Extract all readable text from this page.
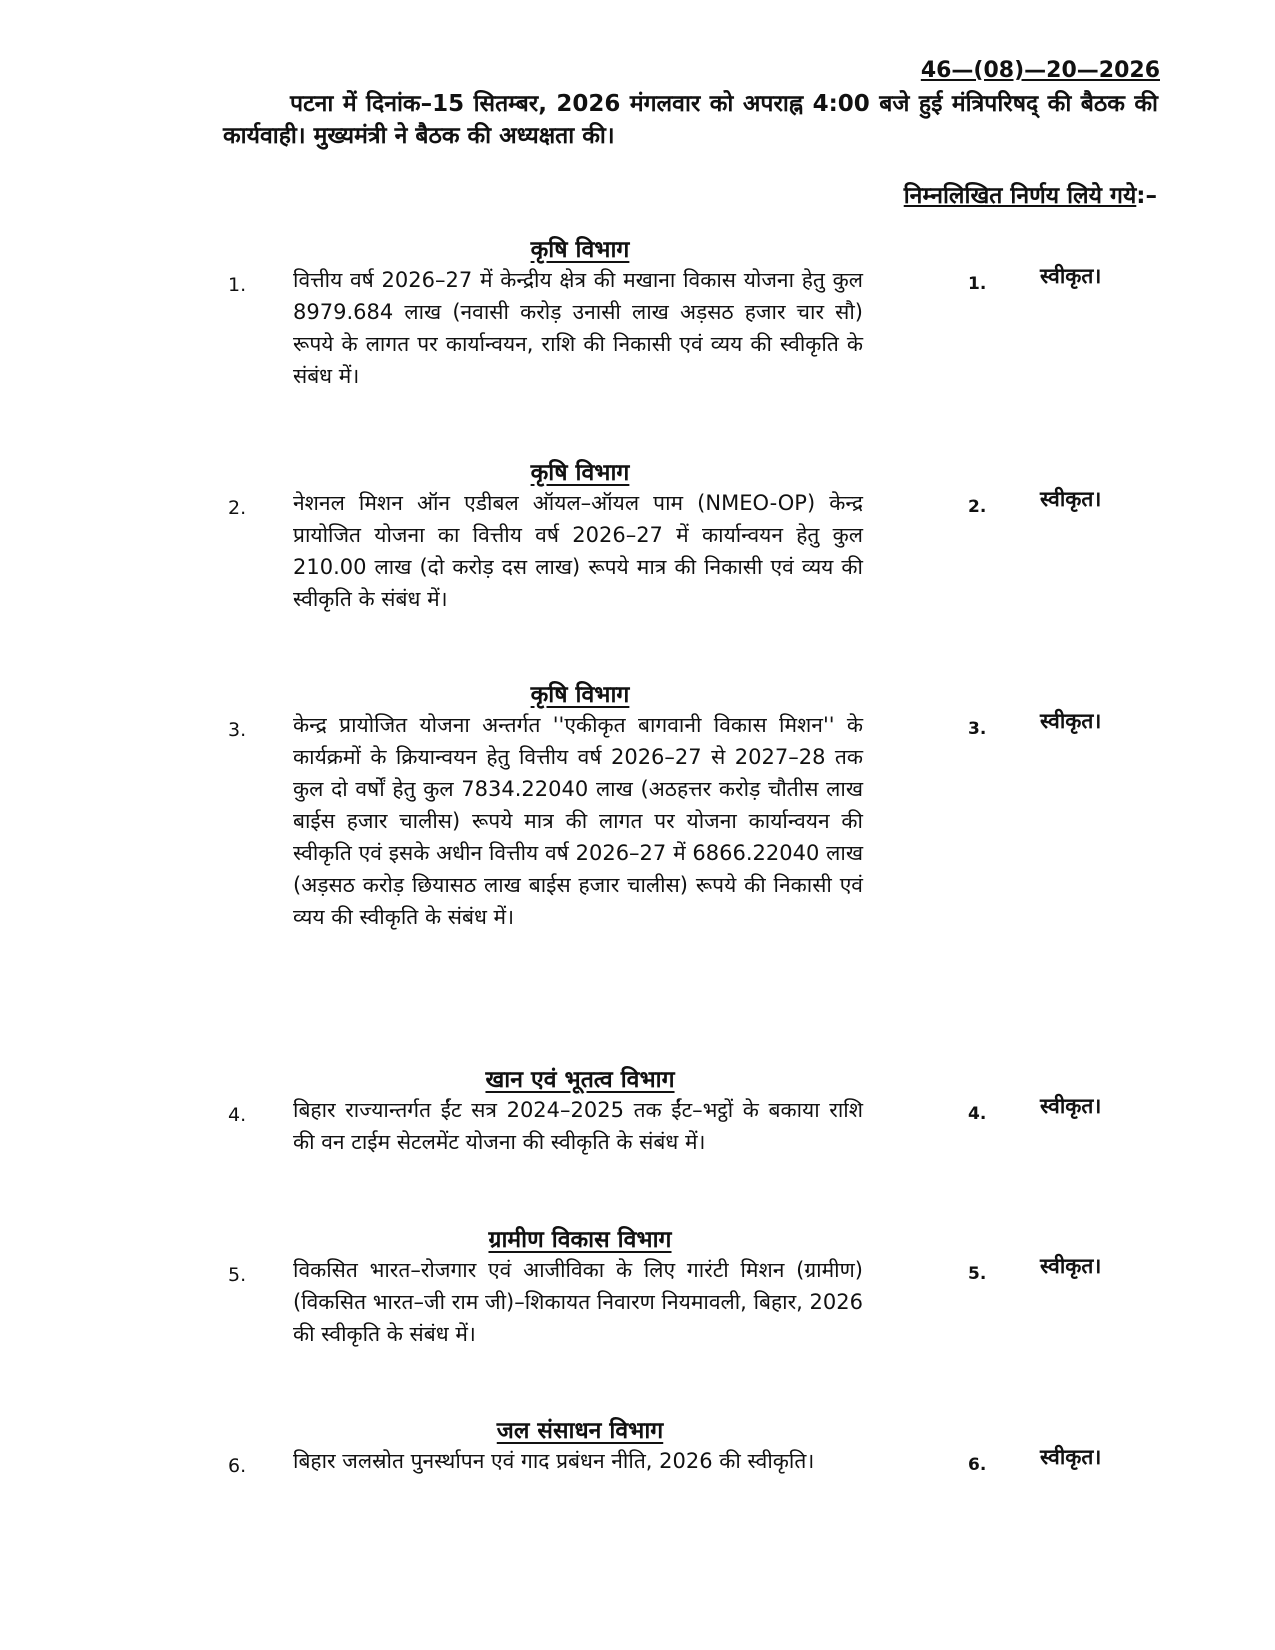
46—(08)—20—2026
पटना में दिनांक–15 सितम्बर, 2026 मंगलवार को अपराह्न 4:00 बजे हुई मंत्रिपरिषद् की बैठक की कार्यवाही। मुख्यमंत्री ने बैठक की अध्यक्षता की।
निम्नलिखित निर्णय लिये गये:–
कृषि विभाग
1. वित्तीय वर्ष 2026–27 में केन्द्रीय क्षेत्र की मखाना विकास योजना हेतु कुल 8979.684 लाख (नवासी करोड़ उनासी लाख अड़सठ हजार चार सौ) रूपये के लागत पर कार्यान्वयन, राशि की निकासी एवं व्यय की स्वीकृति के संबंध में।
1.	स्वीकृत।
कृषि विभाग
2. नेशनल मिशन ऑन एडीबल ऑयल–ऑयल पाम (NMEO-OP) केन्द्र प्रायोजित योजना का वित्तीय वर्ष 2026–27 में कार्यान्वयन हेतु कुल 210.00 लाख (दो करोड़ दस लाख) रूपये मात्र की निकासी एवं व्यय की स्वीकृति के संबंध में।
2.	स्वीकृत।
कृषि विभाग
3. केन्द्र प्रायोजित योजना अन्तर्गत ''एकीकृत बागवानी विकास मिशन'' के कार्यक्रमों के क्रियान्वयन हेतु वित्तीय वर्ष 2026–27 से 2027–28 तक कुल दो वर्षों हेतु कुल 7834.22040 लाख (अठहत्तर करोड़ चौतीस लाख बाईस हजार चालीस) रूपये मात्र की लागत पर योजना कार्यान्वयन की स्वीकृति एवं इसके अधीन वित्तीय वर्ष 2026–27 में 6866.22040 लाख (अड़सठ करोड़ छियासठ लाख बाईस हजार चालीस) रूपये की निकासी एवं व्यय की स्वीकृति के संबंध में।
3.	स्वीकृत।
खान एवं भूतत्व विभाग
4. बिहार राज्यान्तर्गत ईंट सत्र 2024–2025 तक ईंट–भट्ठों के बकाया राशि की वन टाईम सेटलमेंट योजना की स्वीकृति के संबंध में।
4.	स्वीकृत।
ग्रामीण विकास विभाग
5. विकसित भारत–रोजगार एवं आजीविका के लिए गारंटी मिशन (ग्रामीण) (विकसित भारत–जी राम जी)–शिकायत निवारण नियमावली, बिहार, 2026 की स्वीकृति के संबंध में।
5.	स्वीकृत।
जल संसाधन विभाग
6. बिहार जलस्रोत पुनर्स्थापन एवं गाद प्रबंधन नीति, 2026 की स्वीकृति।	6.	स्वीकृत।
